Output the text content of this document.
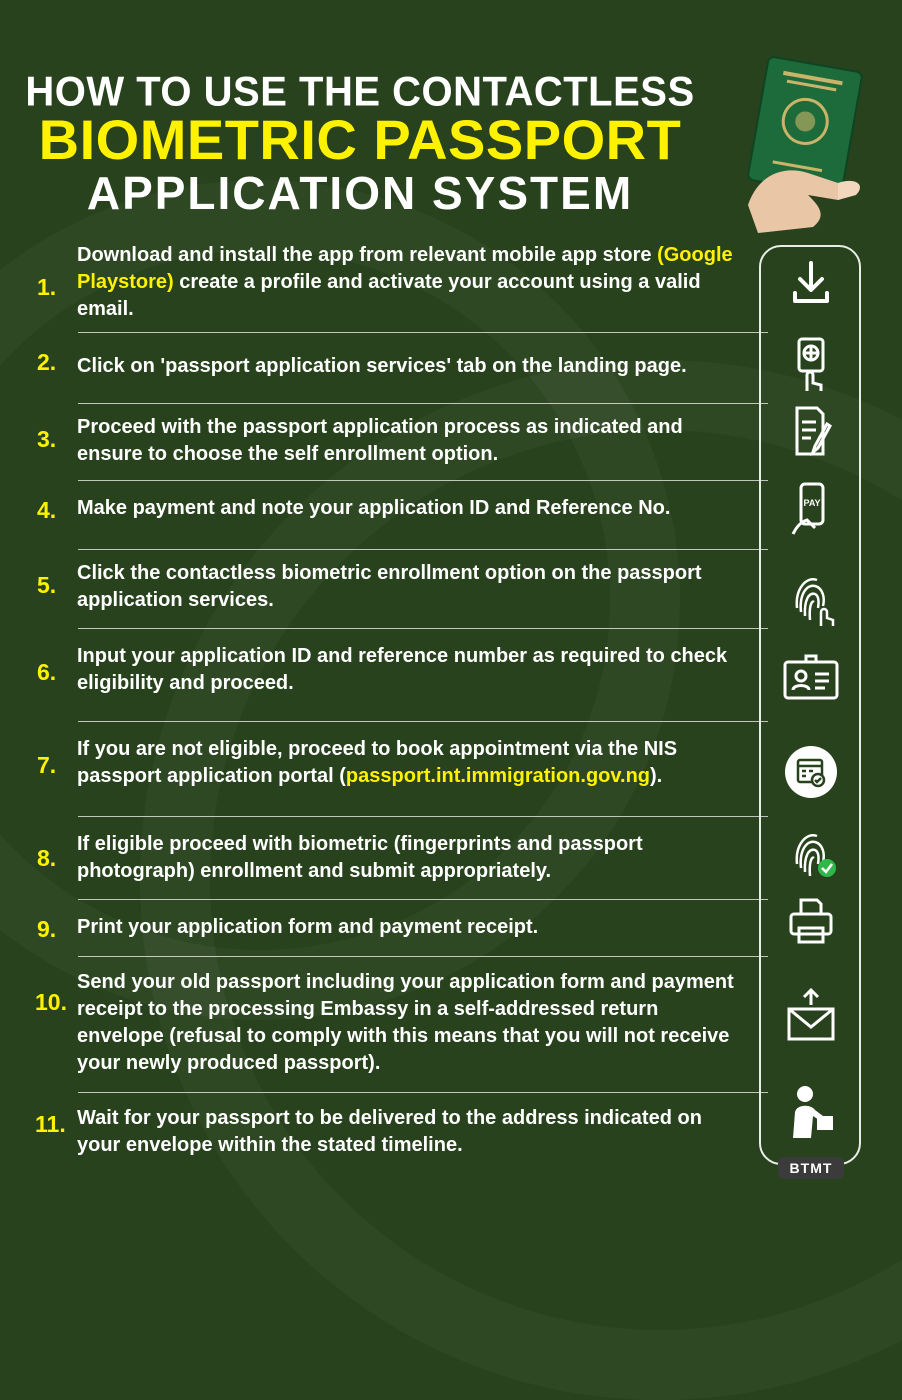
HOW TO USE THE CONTACTLESS
BIOMETRIC PASSPORT
APPLICATION SYSTEM
1.
Download and install the app from relevant mobile app store (Google Playstore) create a profile and activate your account using a valid email.
2. Click on 'passport application services' tab on the landing page.
3. Proceed with the passport application process as indicated and ensure to choose the self enrollment option.
4. Make payment and note your application ID and Reference No.
5. Click the contactless biometric enrollment option on the passport application services.
6.
Input your application ID and reference number as required to check eligibility and proceed.
7.
If you are not eligible, proceed to book appointment via the NIS passport application portal (passport.int.immigration.gov.ng).
8.
If eligible proceed with biometric (fingerprints and passport photograph) enrollment and submit appropriately.
9. Print your application form and payment receipt.
10.
Send your old passport including your application form and payment receipt to the processing Embassy in a self-addressed return envelope (refusal to comply with this means that you will not receive your newly produced passport).
11. Wait for your passport to be delivered to the address indicated on your envelope within the stated timeline.
PAY
BTMT
